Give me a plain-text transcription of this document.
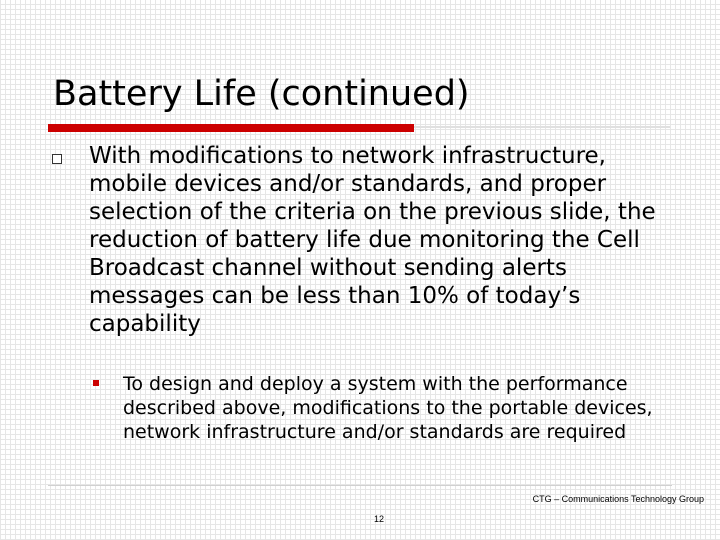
Battery Life (continued)
With modifications to network infrastructure, mobile devices and/or standards, and proper selection of the criteria on the previous slide, the reduction of battery life due monitoring the Cell Broadcast channel without sending alerts messages can be less than 10% of today’s capability
To design and deploy a system with the performance described above, modifications to the portable devices, network infrastructure and/or standards are required
CTG – Communications Technology Group
12
